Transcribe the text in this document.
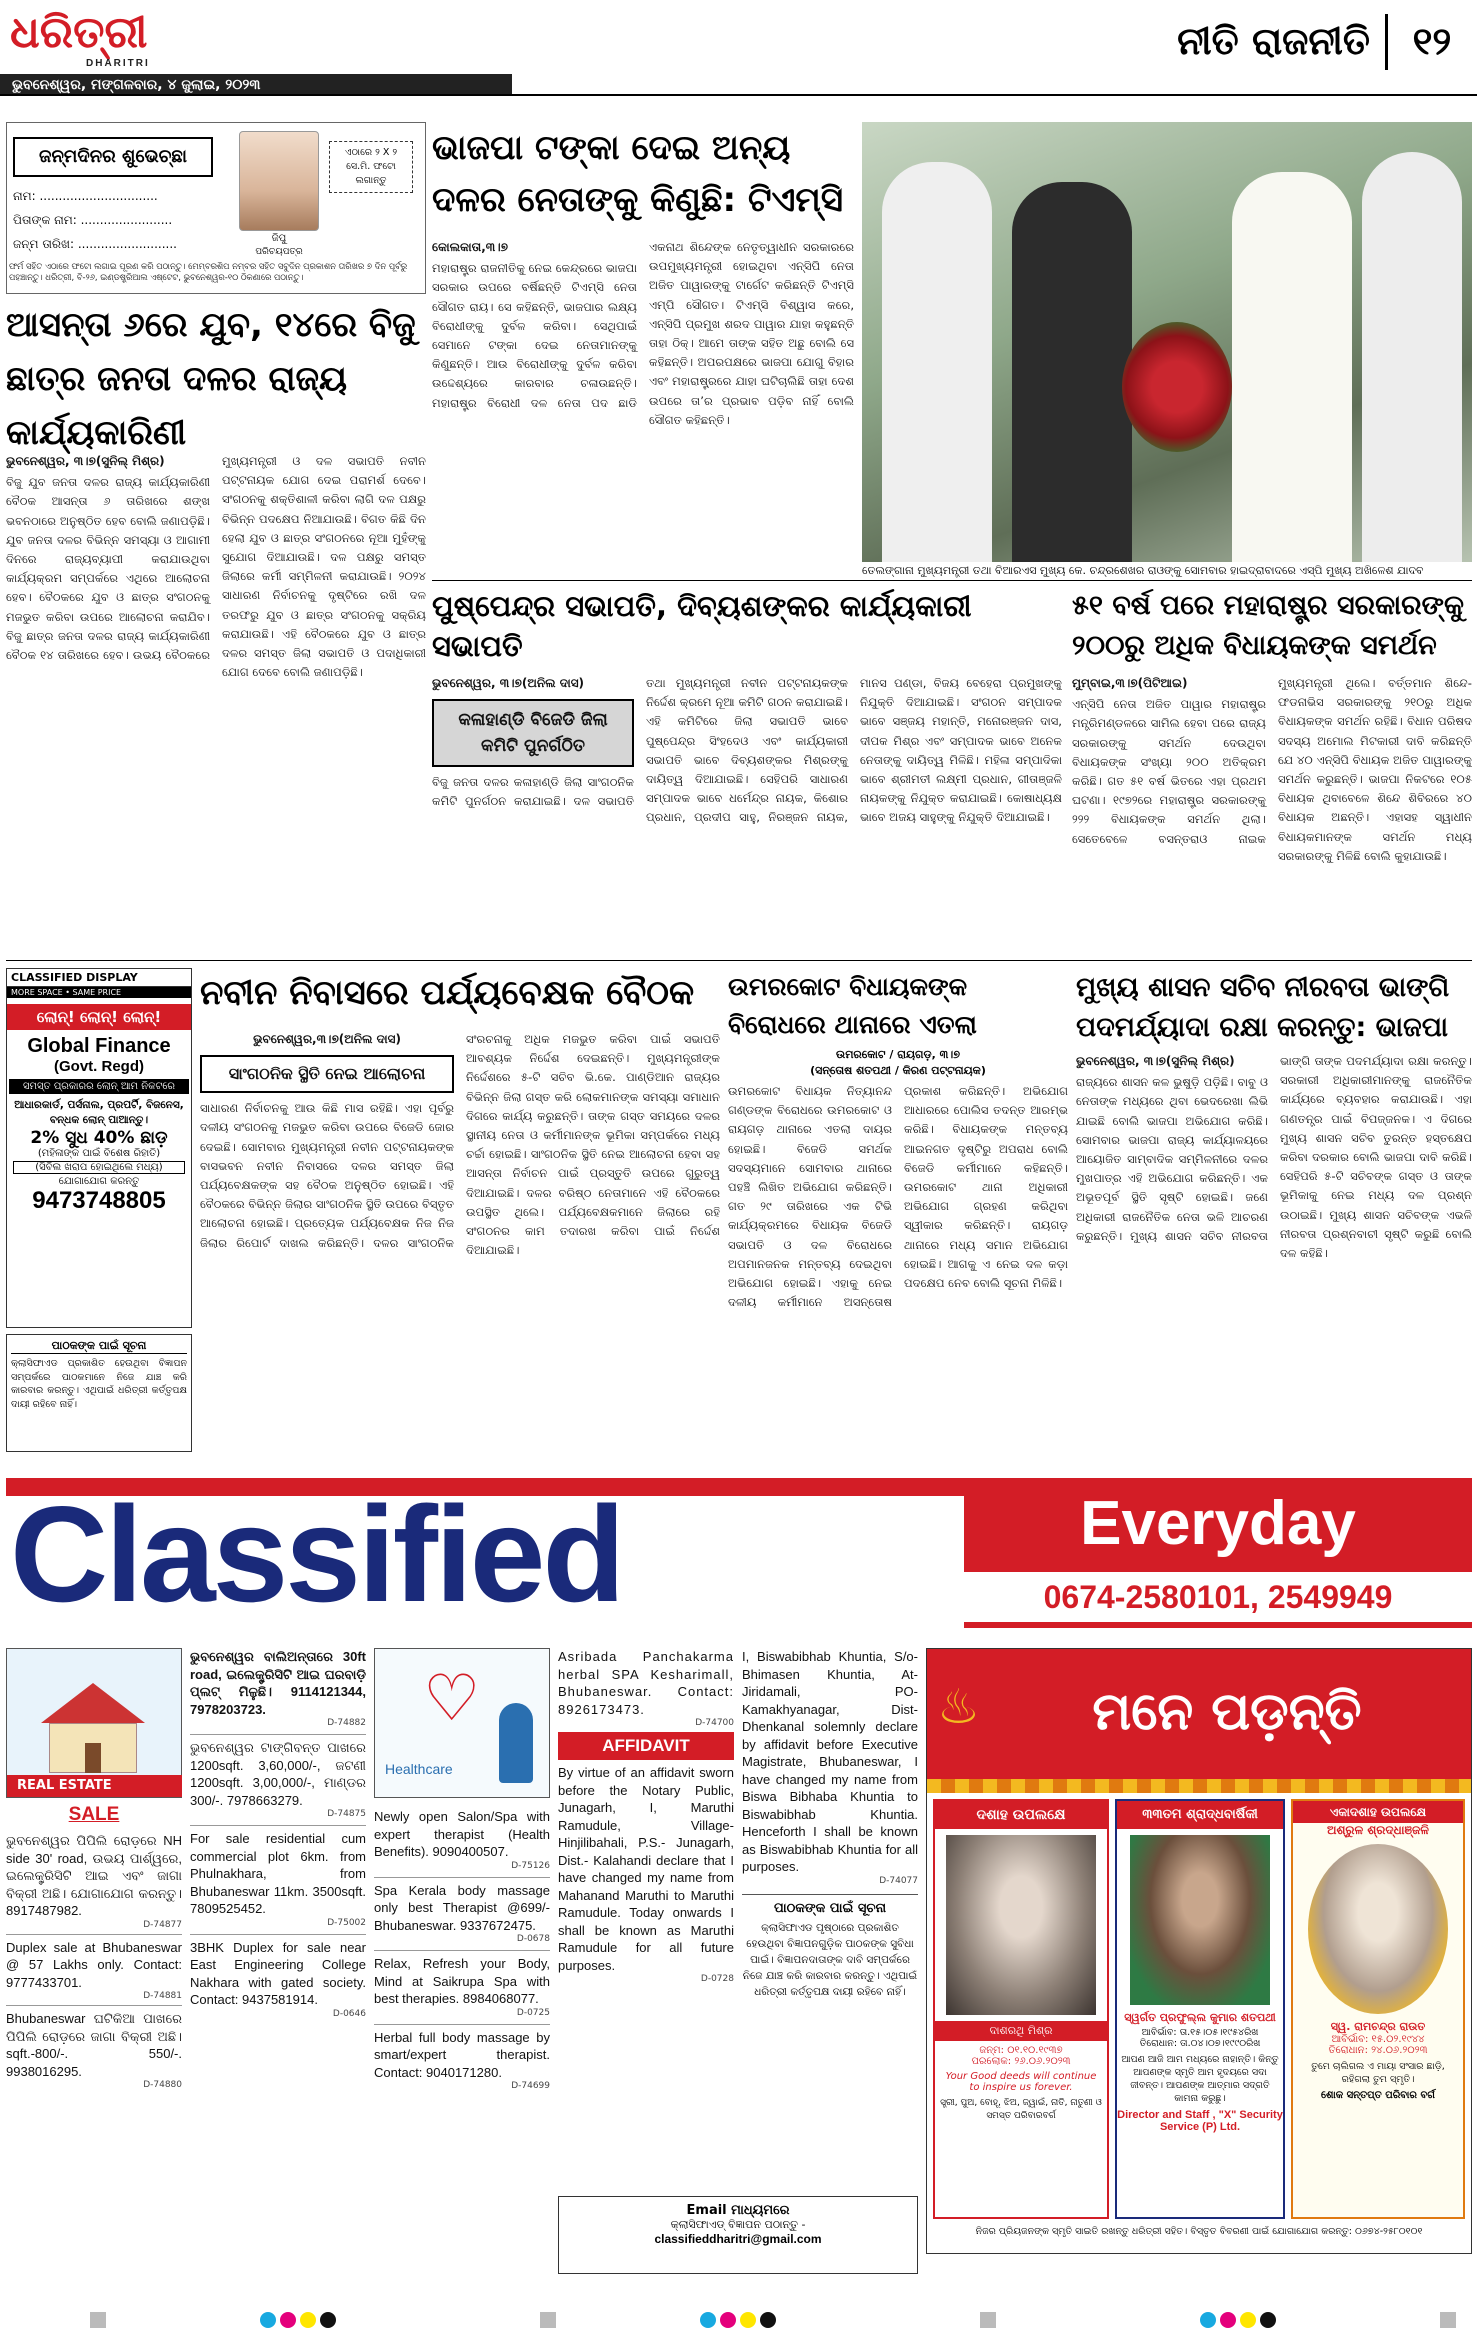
ଧରିତ୍ରୀ
DHARITRI
ଭୁବନେଶ୍ୱର, ମଙ୍ଗଳବାର, ୪ ଜୁଲାଇ, ୨୦୨୩
ନୀତି ରାଜନୀତି	୧୨
ଜନ୍ମଦିନର ଶୁଭେଚ୍ଛା
ନାମ: ...............................
ପିତାଙ୍କ ନାମ: ........................
ଜନ୍ମ ତାରିଖ: ..........................	ଜିପୁ
ପରିଚୟପତ୍ର
ଏଠାରେ ୨ X ୨ ସେ.ମି. ଫଟୋ ଲଗାନ୍ତୁ
ଫର୍ମ ସହିତ ଏଠାରେ ଫଟୋ ଲଗାଇ ପୂରଣ କରି ପଠାନ୍ତୁ। ମେମ୍ବରଶିପ ନମ୍ବର ସହିତ ସବୁଦିନ ପ୍ରକାଶନ ତାରିଖର ୭ ଦିନ ପୂର୍ବରୁ ପହଞ୍ଚାନ୍ତୁ। ଧରିତ୍ରୀ, ବି-୨୬, ଇଣ୍ଡଷ୍ଟ୍ରିଆଲ ଏଷ୍ଟେଟ, ଭୁବନେଶ୍ୱର-୧୦ ଠିକଣାରେ ପଠାନ୍ତୁ।
ଭାଜପା ଟଙ୍କା ଦେଇ ଅନ୍ୟ ଦଳର ନେତାଙ୍କୁ କିଣୁଛି: ଟିଏମ୍ସି
କୋଲକାତା,୩।୭
ମହାରାଷ୍ଟ୍ର ରାଜନୀତିକୁ ନେଇ କେନ୍ଦ୍ରରେ ଭାଜପା ସରକାର ଉପରେ ବର୍ଷିଛନ୍ତି ଟିଏମ୍ସି ନେତା ସୌଗତ ରାୟ। ସେ କହିଛନ୍ତି, ଭାଜପାର ଲକ୍ଷ୍ୟ ବିରୋଧୀଙ୍କୁ ଦୁର୍ବଳ କରିବା। ସେଥିପାଇଁ ସେମାନେ ଟଙ୍କା ଦେଇ ନେତାମାନଙ୍କୁ କିଣୁଛନ୍ତି। ଆଉ ବିରୋଧୀଙ୍କୁ ଦୁର୍ବଳ କରିବା ଉଦ୍ଦେଶ୍ୟରେ କାରବାର ଚଳାଉଛନ୍ତି। ମହାରାଷ୍ଟ୍ର ବିରୋଧୀ ଦଳ ନେତା ପଦ ଛାଡି ଏକନାଥ ଶିନ୍ଦେଙ୍କ ନେତୃତ୍ୱାଧୀନ ସରକାରରେ ଉପମୁଖ୍ୟମନ୍ତ୍ରୀ ହୋଇଥିବା ଏନ୍ସିପି ନେତା ଅଜିତ ପାୱାରଙ୍କୁ ଟାର୍ଗେଟ କରିଛନ୍ତି ଟିଏମ୍ସି ଏମ୍ପି ସୌଗତ। ଟିଏମ୍ସି ବିଶ୍ୱାସ କରେ, ଏନ୍ସିପି ପ୍ରମୁଖ ଶରଦ ପାୱାର ଯାହା କହୁଛନ୍ତି ତାହା ଠିକ୍। ଆମେ ତାଙ୍କ ସହିତ ଅଛୁ ବୋଲି ସେ କହିଛନ୍ତି। ଅପରପକ୍ଷରେ ଭାଜପା ଯୋଗୁ ବିହାର ଏବଂ ମହାରାଷ୍ଟ୍ରରେ ଯାହା ଘଟିଚାଲିଛି ତାହା ଦେଶ ଉପରେ ତା’ର ପ୍ରଭାବ ପଡ଼ିବ ନାହିଁ ବୋଲି ସୌଗତ କହିଛନ୍ତି।
ତେଲଙ୍ଗାନା ମୁଖ୍ୟମନ୍ତ୍ରୀ ତଥା ବିଆରଏସ ମୁଖ୍ୟ କେ. ଚନ୍ଦ୍ରଶେଖର ରାଓଙ୍କୁ ସୋମବାର ହାଇଦ୍ରାବାଦରେ ଏସ୍ପି ମୁଖ୍ୟ ଅଖିଳେଶ ଯାଦବ
ଆସନ୍ତା ୬ରେ ଯୁବ, ୧୪ରେ ବିଜୁ ଛାତ୍ର ଜନତା ଦଳର ରାଜ୍ୟ କାର୍ଯ୍ୟକାରିଣୀ
ଭୁବନେଶ୍ୱର, ୩।୭(ସୁନିଲ୍ ମିଶ୍ର)
ବିଜୁ ଯୁବ ଜନତା ଦଳର ରାଜ୍ୟ କାର୍ଯ୍ୟକାରିଣୀ ବୈଠକ ଆସନ୍ତା ୬ ତାରିଖରେ ଶଙ୍ଖ ଭବନଠାରେ ଅନୁଷ୍ଠିତ ହେବ ବୋଲି ଜଣାପଡ଼ିଛି। ଯୁବ ଜନତା ଦଳର ବିଭିନ୍ନ ସମସ୍ୟା ଓ ଆଗାମୀ ଦିନରେ ରାଜ୍ୟବ୍ୟାପୀ କରାଯାଉଥିବା କାର୍ଯ୍ୟକ୍ରମ ସମ୍ପର୍କରେ ଏଥିରେ ଆଲୋଚନା ହେବ। ବୈଠକରେ ଯୁବ ଓ ଛାତ୍ର ସଂଗଠନକୁ ମଜଭୁତ କରିବା ଉପରେ ଆଲୋଚନା କରାଯିବ। ବିଜୁ ଛାତ୍ର ଜନତା ଦଳର ରାଜ୍ୟ କାର୍ଯ୍ୟକାରିଣୀ ବୈଠକ ୧୪ ତାରିଖରେ ହେବ। ଉଭୟ ବୈଠକରେ ମୁଖ୍ୟମନ୍ତ୍ରୀ ଓ ଦଳ ସଭାପତି ନବୀନ ପଟ୍ଟନାୟକ ଯୋଗ ଦେଇ ପରାମର୍ଶ ଦେବେ। ସଂଗଠନକୁ ଶକ୍ତିଶାଳୀ କରିବା ଲାଗି ଦଳ ପକ୍ଷରୁ ବିଭିନ୍ନ ପଦକ୍ଷେପ ନିଆଯାଉଛି। ବିଗତ କିଛି ଦିନ ହେଲା ଯୁବ ଓ ଛାତ୍ର ସଂଗଠନରେ ନୂଆ ମୁହଁଙ୍କୁ ସୁଯୋଗ ଦିଆଯାଉଛି। ଦଳ ପକ୍ଷରୁ ସମସ୍ତ ଜିଲାରେ କର୍ମୀ ସମ୍ମିଳନୀ କରାଯାଉଛି। ୨୦୨୪ ସାଧାରଣ ନିର୍ବାଚନକୁ ଦୃଷ୍ଟିରେ ରଖି ଦଳ ତରଫରୁ ଯୁବ ଓ ଛାତ୍ର ସଂଗଠନକୁ ସକ୍ରିୟ କରାଯାଉଛି। ଏହି ବୈଠକରେ ଯୁବ ଓ ଛାତ୍ର ଦଳର ସମସ୍ତ ଜିଲା ସଭାପତି ଓ ପଦାଧିକାରୀ ଯୋଗ ଦେବେ ବୋଲି ଜଣାପଡ଼ିଛି।
ପୁଷ୍ପେନ୍ଦ୍ର ସଭାପତି, ଦିବ୍ୟଶଙ୍କର କାର୍ଯ୍ୟକାରୀ ସଭାପତି
ଭୁବନେଶ୍ୱର, ୩।୭(ଅନିଲ ଦାସ)
କଳାହାଣ୍ଡି ବିଜେଡି ଜିଲା କମିଟି ପୁନର୍ଗଠିତ
ବିଜୁ ଜନତା ଦଳର କଳାହାଣ୍ଡି ଜିଲା ସାଂଗଠନିକ କମିଟି ପୁନର୍ଗଠନ କରାଯାଇଛି। ଦଳ ସଭାପତି ତଥା ମୁଖ୍ୟମନ୍ତ୍ରୀ ନବୀନ ପଟ୍ଟନାୟକଙ୍କ ନିର୍ଦ୍ଦେଶ କ୍ରମେ ନୂଆ କମିଟି ଗଠନ କରାଯାଇଛି। ଏହି କମିଟିରେ ଜିଲା ସଭାପତି ଭାବେ ପୁଷ୍ପେନ୍ଦ୍ର ସିଂହଦେଓ ଏବଂ କାର୍ଯ୍ୟକାରୀ ସଭାପତି ଭାବେ ଦିବ୍ୟଶଙ୍କର ମିଶ୍ରଙ୍କୁ ଦାୟିତ୍ୱ ଦିଆଯାଇଛି। ସେହିପରି ସାଧାରଣ ସମ୍ପାଦକ ଭାବେ ଧର୍ମେନ୍ଦ୍ର ନାୟକ, କିଶୋର ପ୍ରଧାନ, ପ୍ରଦୀପ ସାହୁ, ନିରଞ୍ଜନ ନାୟକ, ମାନସ ପଣ୍ଡା, ବିଜୟ ବେହେରା ପ୍ରମୁଖଙ୍କୁ ନିଯୁକ୍ତି ଦିଆଯାଇଛି। ସଂଗଠନ ସମ୍ପାଦକ ଭାବେ ସଞ୍ଜୟ ମହାନ୍ତି, ମନୋରଞ୍ଜନ ଦାସ, ଦୀପକ ମିଶ୍ର ଏବଂ ସମ୍ପାଦକ ଭାବେ ଅନେକ ନେତାଙ୍କୁ ଦାୟିତ୍ୱ ମିଳିଛି। ମହିଳା ସମ୍ପାଦିକା ଭାବେ ଶ୍ରୀମତୀ ଲକ୍ଷ୍ମୀ ପ୍ରଧାନ, ଗୀତାଞ୍ଜଳି ନାୟକଙ୍କୁ ନିଯୁକ୍ତ କରାଯାଇଛି। କୋଷାଧ୍ୟକ୍ଷ ଭାବେ ଅଜୟ ସାହୁଙ୍କୁ ନିଯୁକ୍ତି ଦିଆଯାଇଛି।
୫୧ ବର୍ଷ ପରେ ମହାରାଷ୍ଟ୍ର ସରକାରଙ୍କୁ ୨୦୦ରୁ ଅଧିକ ବିଧାୟକଙ୍କ ସମର୍ଥନ
ମୁମ୍ବାଇ,୩।୭(ପିଟିଆଇ)
ଏନ୍ସିପି ନେତା ଅଜିତ ପାୱାର ମହାରାଷ୍ଟ୍ର ମନ୍ତ୍ରିମଣ୍ଡଳରେ ସାମିଲ ହେବା ପରେ ରାଜ୍ୟ ସରକାରଙ୍କୁ ସମର୍ଥନ ଦେଉଥିବା ବିଧାୟକଙ୍କ ସଂଖ୍ୟା ୨୦୦ ଅତିକ୍ରମ କରିଛି। ଗତ ୫୧ ବର୍ଷ ଭିତରେ ଏହା ପ୍ରଥମ ଘଟଣା। ୧୯୭୨ରେ ମହାରାଷ୍ଟ୍ର ସରକାରଙ୍କୁ ୨୨୨ ବିଧାୟକଙ୍କ ସମର୍ଥନ ଥିଲା। ସେତେବେଳେ ବସନ୍ତରାଓ ନାଇକ ମୁଖ୍ୟମନ୍ତ୍ରୀ ଥିଲେ। ବର୍ତ୍ତମାନ ଶିନ୍ଦେ-ଫଡନାଭିସ ସରକାରଙ୍କୁ ୨୧୦ରୁ ଅଧିକ ବିଧାୟକଙ୍କ ସମର୍ଥନ ରହିଛି। ବିଧାନ ପରିଷଦ ସଦସ୍ୟ ଅମୋଲ ମିଟକାରୀ ଦାବି କରିଛନ୍ତି ଯେ ୪୦ ଏନ୍ସିପି ବିଧାୟକ ଅଜିତ ପାୱାରଙ୍କୁ ସମର୍ଥନ କରୁଛନ୍ତି। ଭାଜପା ନିକଟରେ ୧୦୫ ବିଧାୟକ ଥିବାବେଳେ ଶିନ୍ଦେ ଶିବିରରେ ୪୦ ବିଧାୟକ ଅଛନ୍ତି। ଏହାସହ ସ୍ୱାଧୀନ ବିଧାୟକମାନଙ୍କ ସମର୍ଥନ ମଧ୍ୟ ସରକାରଙ୍କୁ ମିଳିଛି ବୋଲି କୁହାଯାଉଛି।
CLASSIFIED DISPLAY
MORE SPACE • SAME PRICE
ଲୋନ୍! ଲୋନ୍! ଲୋନ୍!
Global Finance
(Govt. Regd)
ସମସ୍ତ ପ୍ରକାରର ଲୋନ୍ ଆମ ନିକଟରେ
ଆଧାରକାର୍ଡ, ପର୍ସନାଲ, ପ୍ରପର୍ଟି, ବିଜନେସ, ବନ୍ଧକ ଲୋନ୍ ପାଆନ୍ତୁ।
2% ସୁଧ 40% ଛାଡ଼
(ମହିଳାଙ୍କ ପାଇଁ ବିଶେଷ ରିହାତି)
(ସିବିଲ ଖରାପ ହୋଇଥିଲେ ମଧ୍ୟ)
ଯୋଗାଯୋଗ କରନ୍ତୁ
9473748805
ପାଠକଙ୍କ ପାଇଁ ସୂଚନା
କ୍ଲାସିଫାଏଡ ପ୍ରକାଶିତ ହେଉଥିବା ବିଜ୍ଞାପନ ସମ୍ପର୍କରେ ପାଠକମାନେ ନିଜେ ଯାଞ୍ଚ କରି କାରବାର କରନ୍ତୁ। ଏଥିପାଇଁ ଧରିତ୍ରୀ କର୍ତ୍ତୃପକ୍ଷ ଦାୟୀ ରହିବେ ନାହିଁ।
ନବୀନ ନିବାସରେ ପର୍ଯ୍ୟବେକ୍ଷକ ବୈଠକ
ଭୁବନେଶ୍ୱର,୩।୭(ଅନିଲ ଦାସ)
ସାଂଗଠନିକ ସ୍ଥିତି ନେଇ ଆଲୋଚନା
ସାଧାରଣ ନିର୍ବାଚନକୁ ଆଉ କିଛି ମାସ ରହିଛି। ଏହା ପୂର୍ବରୁ ଦଳୀୟ ସଂଗଠନକୁ ମଜଭୁତ କରିବା ଉପରେ ବିଜେଡି ଜୋର ଦେଇଛି। ସୋମବାର ମୁଖ୍ୟମନ୍ତ୍ରୀ ନବୀନ ପଟ୍ଟନାୟକଙ୍କ ବାସଭବନ ନବୀନ ନିବାସରେ ଦଳର ସମସ୍ତ ଜିଲା ପର୍ଯ୍ୟବେକ୍ଷକଙ୍କ ସହ ବୈଠକ ଅନୁଷ୍ଠିତ ହୋଇଛି। ଏହି ବୈଠକରେ ବିଭିନ୍ନ ଜିଲାର ସାଂଗଠନିକ ସ୍ଥିତି ଉପରେ ବିସ୍ତୃତ ଆଲୋଚନା ହୋଇଛି। ପ୍ରତ୍ୟେକ ପର୍ଯ୍ୟବେକ୍ଷକ ନିଜ ନିଜ ଜିଲାର ରିପୋର୍ଟ ଦାଖଲ କରିଛନ୍ତି। ଦଳର ସାଂଗଠନିକ ସଂରଚନାକୁ ଅଧିକ ମଜଭୁତ କରିବା ପାଇଁ ସଭାପତି ଆବଶ୍ୟକ ନିର୍ଦ୍ଦେଶ ଦେଇଛନ୍ତି। ମୁଖ୍ୟମନ୍ତ୍ରୀଙ୍କ ନିର୍ଦ୍ଦେଶରେ ୫-ଟି ସଚିବ ଭି.କେ. ପାଣ୍ଡିଆନ ରାଜ୍ୟର ବିଭିନ୍ନ ଜିଲା ଗସ୍ତ କରି ଲୋକମାନଙ୍କ ସମସ୍ୟା ସମାଧାନ ଦିଗରେ କାର୍ଯ୍ୟ କରୁଛନ୍ତି। ତାଙ୍କ ଗସ୍ତ ସମୟରେ ଦଳର ସ୍ଥାନୀୟ ନେତା ଓ କର୍ମୀମାନଙ୍କ ଭୂମିକା ସମ୍ପର୍କରେ ମଧ୍ୟ ଚର୍ଚ୍ଚା ହୋଇଛି। ସାଂଗଠନିକ ସ୍ଥିତି ନେଇ ଆଲୋଚନା ହେବା ସହ ଆସନ୍ତା ନିର୍ବାଚନ ପାଇଁ ପ୍ରସ୍ତୁତି ଉପରେ ଗୁରୁତ୍ୱ ଦିଆଯାଇଛି। ଦଳର ବରିଷ୍ଠ ନେତାମାନେ ଏହି ବୈଠକରେ ଉପସ୍ଥିତ ଥିଲେ। ପର୍ଯ୍ୟବେକ୍ଷକମାନେ ଜିଲାରେ ରହି ସଂଗଠନର କାମ ତଦାରଖ କରିବା ପାଇଁ ନିର୍ଦ୍ଦେଶ ଦିଆଯାଇଛି।
ଉମରକୋଟ ବିଧାୟକଙ୍କ ବିରୋଧରେ ଥାନାରେ ଏତଲା
ଉମରକୋଟ / ରାୟଗଡ଼, ୩।୭
(ସନ୍ତୋଷ ଶତପଥୀ / କିରଣ ପଟ୍ଟନାୟକ)
ଉମରକୋଟ ବିଧାୟକ ନିତ୍ୟାନନ୍ଦ ଗଣ୍ଡଙ୍କ ବିରୋଧରେ ଉମରକୋଟ ଓ ରାୟଗଡ଼ ଥାନାରେ ଏତଲା ଦାୟର ହୋଇଛି। ବିଜେଡି ସମର୍ଥକ ସଦସ୍ୟମାନେ ସୋମବାର ଥାନାରେ ପହଞ୍ଚି ଲିଖିତ ଅଭିଯୋଗ କରିଛନ୍ତି। ଗତ ୨୯ ତାରିଖରେ ଏକ ଟିଭି କାର୍ଯ୍ୟକ୍ରମରେ ବିଧାୟକ ବିଜେଡି ସଭାପତି ଓ ଦଳ ବିରୋଧରେ ଅପମାନଜନକ ମନ୍ତବ୍ୟ ଦେଇଥିବା ଅଭିଯୋଗ ହୋଇଛି। ଏହାକୁ ନେଇ ଦଳୀୟ କର୍ମୀମାନେ ଅସନ୍ତୋଷ ପ୍ରକାଶ କରିଛନ୍ତି। ଅଭିଯୋଗ ଆଧାରରେ ପୋଲିସ ତଦନ୍ତ ଆରମ୍ଭ କରିଛି। ବିଧାୟକଙ୍କ ମନ୍ତବ୍ୟ ଆଇନଗତ ଦୃଷ୍ଟିରୁ ଅପରାଧ ବୋଲି ବିଜେଡି କର୍ମୀମାନେ କହିଛନ୍ତି। ଉମରକୋଟ ଥାନା ଅଧିକାରୀ ଅଭିଯୋଗ ଗ୍ରହଣ କରିଥିବା ସ୍ୱୀକାର କରିଛନ୍ତି। ରାୟଗଡ଼ ଥାନାରେ ମଧ୍ୟ ସମାନ ଅଭିଯୋଗ ହୋଇଛି। ଆଗକୁ ଏ ନେଇ ଦଳ କଡ଼ା ପଦକ୍ଷେପ ନେବ ବୋଲି ସୂଚନା ମିଳିଛି।
ମୁଖ୍ୟ ଶାସନ ସଚିବ ନୀରବତା ଭାଙ୍ଗି ପଦମର୍ଯ୍ୟାଦା ରକ୍ଷା କରନ୍ତୁ: ଭାଜପା
ଭୁବନେଶ୍ୱର, ୩।୭(ସୁନିଲ୍ ମିଶ୍ର)
ରାଜ୍ୟରେ ଶାସନ କଳ ଭୁଷୁଡ଼ି ପଡ଼ିଛି। ବାବୁ ଓ ନେତାଙ୍କ ମଧ୍ୟରେ ଥିବା ଭେଦରେଖା ଲିଭି ଯାଇଛି ବୋଲି ଭାଜପା ଅଭିଯୋଗ କରିଛି। ସୋମବାର ଭାଜପା ରାଜ୍ୟ କାର୍ଯ୍ୟାଳୟରେ ଆୟୋଜିତ ସାମ୍ବାଦିକ ସମ୍ମିଳନୀରେ ଦଳର ମୁଖପାତ୍ର ଏହି ଅଭିଯୋଗ କରିଛନ୍ତି। ଏକ ଅଭୂତପୂର୍ବ ସ୍ଥିତି ସୃଷ୍ଟି ହୋଇଛି। ଜଣେ ଅଧିକାରୀ ରାଜନୈତିକ ନେତା ଭଳି ଆଚରଣ କରୁଛନ୍ତି। ମୁଖ୍ୟ ଶାସନ ସଚିବ ନୀରବତା ଭାଙ୍ଗି ତାଙ୍କ ପଦମର୍ଯ୍ୟାଦା ରକ୍ଷା କରନ୍ତୁ। ସରକାରୀ ଅଧିକାରୀମାନଙ୍କୁ ରାଜନୈତିକ କାର୍ଯ୍ୟରେ ବ୍ୟବହାର କରାଯାଉଛି। ଏହା ଗଣତନ୍ତ୍ର ପାଇଁ ବିପଜ୍ଜନକ। ଏ ଦିଗରେ ମୁଖ୍ୟ ଶାସନ ସଚିବ ତୁରନ୍ତ ହସ୍ତକ୍ଷେପ କରିବା ଦରକାର ବୋଲି ଭାଜପା ଦାବି କରିଛି। ସେହିପରି ୫-ଟି ସଚିବଙ୍କ ଗସ୍ତ ଓ ତାଙ୍କ ଭୂମିକାକୁ ନେଇ ମଧ୍ୟ ଦଳ ପ୍ରଶ୍ନ ଉଠାଇଛି। ମୁଖ୍ୟ ଶାସନ ସଚିବଙ୍କ ଏଭଳି ନୀରବତା ପ୍ରଶ୍ନବାଚୀ ସୃଷ୍ଟି କରୁଛି ବୋଲି ଦଳ କହିଛି।
Classified	Everyday
0674-2580101, 2549949
REAL ESTATE
SALE
ଭୁବନେଶ୍ୱର ପିପିଲି ରୋଡ଼ରେ NH side 30' road, ଉଭୟ ପାର୍ଶ୍ୱରେ, ଇଲେକ୍ଟ୍ରିସିଟି ଆଇ ଏବଂ ଜାଗା ବିକ୍ରୀ ଅଛି। ଯୋଗାଯୋଗ କରନ୍ତୁ। 8917487982.
D-74877
Duplex sale at Bhubaneswar @ 57 Lakhs only. Contact: 9777433701.
D-74881
Bhubaneswar ଘଟିକିଆ ପାଖରେ ପିପିଲି ରୋଡ଼ରେ ଜାଗା ବିକ୍ରୀ ଅଛି। sqft.-800/-. 550/-. 9938016295.
D-74880
ଭୁବନେଶ୍ୱର ବାଲିଅନ୍ତାରେ 30ft road, ଇଲେକ୍ଟ୍ରିସିଟି ଆଇ ଘରବାଡ଼ି ପ୍ଲଟ୍ ମିଳୁଛି। 9114121344, 7978203723.
D-74882
ଭୁବନେଶ୍ୱର ଟାଙ୍ଗିବନ୍ତ ପାଖରେ 1200sqft. 3,60,000/-, ଜଟଣୀ 1200sqft. 3,00,000/-, ମାଣ୍ଡର 300/-. 7978663279.
D-74875
For sale residential cum commercial plot 6km. from Phulnakhara, from Bhubaneswar 11km. 3500sqft. 7809525452.
D-75002
3BHK Duplex for sale near East Engineering College Nakhara with gated society. Contact: 9437581914.
D-0646
♡
Healthcare
Newly open Salon/Spa with expert therapist (Health Benefits). 9090400507.
D-75126
Spa Kerala body massage only best Therapist @699/-Bhubaneswar. 9337672475.
D-0678
Relax, Refresh your Body, Mind at Saikrupa Spa with best therapies. 8984068077.
D-0725
Herbal full body massage by smart/expert therapist. Contact: 9040171280.
D-74699
Asribada Panchakarma herbal SPA Kesharimall, Bhubaneswar. Contact: 8926173473.
D-74700
AFFIDAVIT
By virtue of an affidavit sworn before the Notary Public, Junagarh, I, Maruthi Ramudule, Village- Hinjilibahali, P.S.- Junagarh, Dist.- Kalahandi declare that I have changed my name from Mahanand Maruthi to Maruthi Ramudule. Today onwards I shall be known as Maruthi Ramudule for all future purposes.
D-0728
I, Biswabibhab Khuntia, S/o- Bhimasen Khuntia, At- Jiridamali, PO- Kamakhyanagar, Dist- Dhenkanal solemnly declare by affidavit before Executive Magistrate, Bhubaneswar, I have changed my name from Biswa Bibhaba Khuntia to Biswabibhab Khuntia. Henceforth I shall be known as Biswabibhab Khuntia for all purposes.
D-74077
ପାଠକଙ୍କ ପାଇଁ ସୂଚନା
କ୍ଲାସିଫାଏଡ ପୃଷ୍ଠାରେ ପ୍ରକାଶିତ ହେଉଥିବା ବିଜ୍ଞାପନଗୁଡ଼ିକ ପାଠକଙ୍କ ସୁବିଧା ପାଇଁ। ବିଜ୍ଞାପନଦାତାଙ୍କ ଦାବି ସମ୍ପର୍କରେ ନିଜେ ଯାଞ୍ଚ କରି କାରବାର କରନ୍ତୁ। ଏଥିପାଇଁ ଧରିତ୍ରୀ କର୍ତ୍ତୃପକ୍ଷ ଦାୟୀ ରହିବେ ନାହିଁ।
Email ମାଧ୍ୟମରେ
କ୍ଲାସିଫାଏଡ୍ ବିଜ୍ଞାପନ ପଠାନ୍ତୁ -
classifieddharitri@gmail.com
♨	ମନେ ପଡ଼ନ୍ତି
ଦଶାହ ଉପଲକ୍ଷେ
ଦାଶରଥି ମିଶ୍ର
ଜନ୍ମ: ୦୧.୧୦.୧୯୩୭
ପରଲୋକ: ୨୬.୦୬.୨୦୨୩
Your Good deeds will continue to inspire us forever.
ସ୍ତ୍ରୀ, ପୁଅ, ବୋହୂ, ଝିଅ, ଜ୍ୱାଇଁ, ନାତି, ନାତୁଣୀ ଓ ସମସ୍ତ ପରିବାରବର୍ଗ
୩୩ତମ ଶ୍ରାଦ୍ଧବାର୍ଷିକୀ
ସ୍ୱର୍ଗତ ପ୍ରଫୁଲ୍ଲ କୁମାର ଶତପଥୀ
ଆବିର୍ଭାବ: ତା.୧୫।୦୫।୧୯୫୪ରିଖ
ତିରୋଧାନ: ତା.୦୪।୦୭।୧୯୯୦ରିଖ
ଆପଣ ଆଜି ଆମ ମଧ୍ୟରେ ନାହାନ୍ତି। କିନ୍ତୁ ଆପଣଙ୍କ ସ୍ମୃତି ଆମ ହୃଦୟରେ ସଦା ଜୀବନ୍ତ। ଆପଣଙ୍କ ଆତ୍ମାର ସଦ୍ଗତି କାମନା କରୁଛୁ।
Director and Staff , "X" Security Service (P) Ltd.
ଏକାଦଶାହ ଉପଲକ୍ଷେ
ଅଶ୍ରୁଳ ଶ୍ରଦ୍ଧାଞ୍ଜଳି
ସ୍ୱ. ରାମଚନ୍ଦ୍ର ରାଉତ
ଆବିର୍ଭାବ: ୧୫.୦୨.୧୯୪୪
ତିରୋଧାନ: ୨୪.୦୬.୨୦୨୩
ତୁମେ ଚାଲିଗଲ ଏ ମାୟା ସଂସାର ଛାଡ଼ି, ରହିଗଲା ତୁମ ସ୍ମୃତି।
ଶୋକ ସନ୍ତପ୍ତ ପରିବାର ବର୍ଗ
ନିଜର ପ୍ରିୟଜନଙ୍କ ସ୍ମୃତି ସାଇତି ରଖନ୍ତୁ ଧରିତ୍ରୀ ସହିତ। ବିସ୍ତୃତ ବିବରଣୀ ପାଇଁ ଯୋଗାଯୋଗ କରନ୍ତୁ: ୦୬୭୪-୨୫୮୦୧୦୧
